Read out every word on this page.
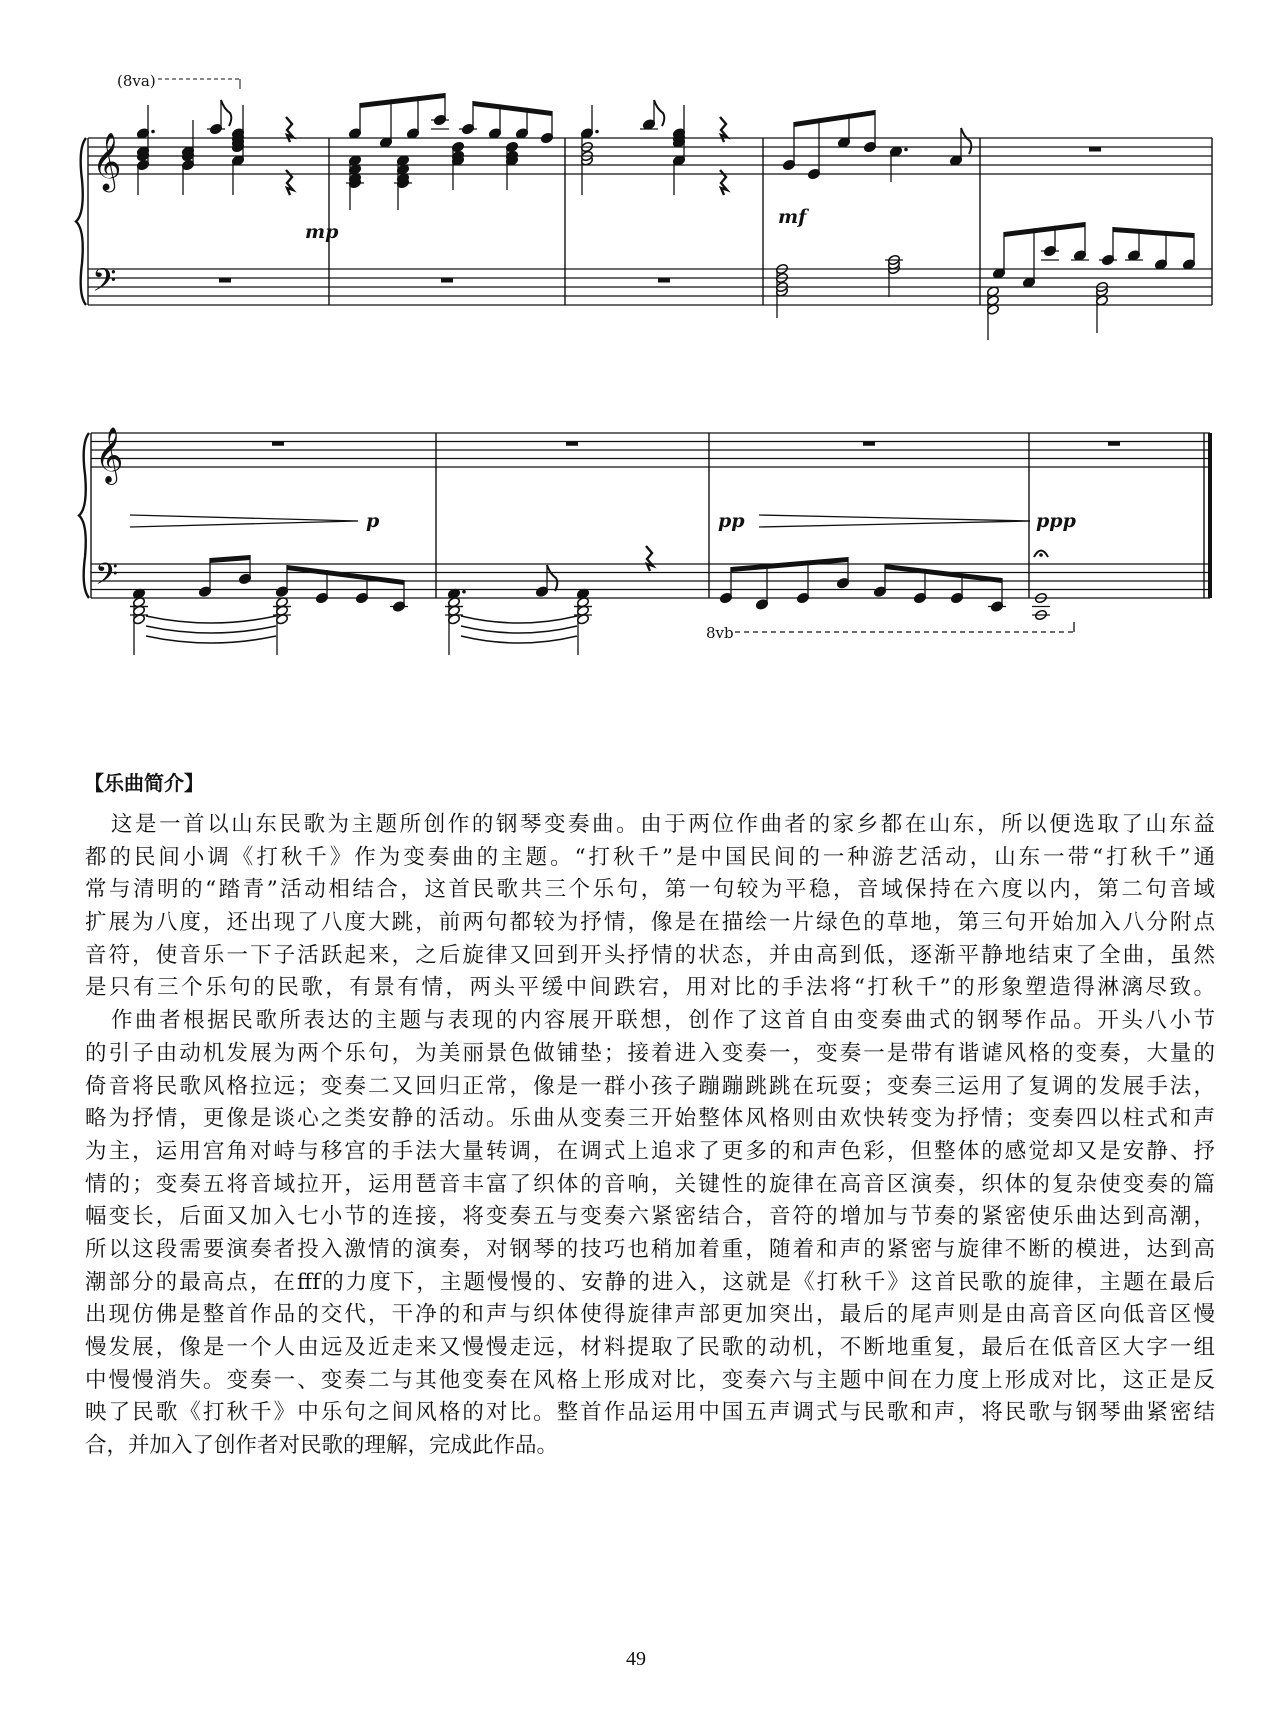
𝄢
𝄞
𝄢
𝄞
(8va)
mp
mf
p	pp	ppp
8vb
【乐曲简介】
这是一首以山东民歌为主题所创作的钢琴变奏曲。由于两位作曲者的家乡都在山东，所以便选取了山东益
都的民间小调《打秋千》作为变奏曲的主题。“打秋千”是中国民间的一种游艺活动，山东一带“打秋千”通
常与清明的“踏青”活动相结合，这首民歌共三个乐句，第一句较为平稳，音域保持在六度以内，第二句音域
扩展为八度，还出现了八度大跳，前两句都较为抒情，像是在描绘一片绿色的草地，第三句开始加入八分附点
音符，使音乐一下子活跃起来，之后旋律又回到开头抒情的状态，并由高到低，逐渐平静地结束了全曲，虽然
是只有三个乐句的民歌，有景有情，两头平缓中间跌宕，用对比的手法将“打秋千”的形象塑造得淋漓尽致。
作曲者根据民歌所表达的主题与表现的内容展开联想，创作了这首自由变奏曲式的钢琴作品。开头八小节
的引子由动机发展为两个乐句，为美丽景色做铺垫；接着进入变奏一，变奏一是带有谐谑风格的变奏，大量的
倚音将民歌风格拉远；变奏二又回归正常，像是一群小孩子蹦蹦跳跳在玩耍；变奏三运用了复调的发展手法，
略为抒情，更像是谈心之类安静的活动。乐曲从变奏三开始整体风格则由欢快转变为抒情；变奏四以柱式和声
为主，运用宫角对峙与移宫的手法大量转调，在调式上追求了更多的和声色彩，但整体的感觉却又是安静、抒
情的；变奏五将音域拉开，运用琶音丰富了织体的音响，关键性的旋律在高音区演奏，织体的复杂使变奏的篇
幅变长，后面又加入七小节的连接，将变奏五与变奏六紧密结合，音符的增加与节奏的紧密使乐曲达到高潮，
所以这段需要演奏者投入激情的演奏，对钢琴的技巧也稍加着重，随着和声的紧密与旋律不断的模进，达到高
潮部分的最高点，在fff的力度下，主题慢慢的、安静的进入，这就是《打秋千》这首民歌的旋律，主题在最后
出现仿佛是整首作品的交代，干净的和声与织体使得旋律声部更加突出，最后的尾声则是由高音区向低音区慢
慢发展，像是一个人由远及近走来又慢慢走远，材料提取了民歌的动机，不断地重复，最后在低音区大字一组
中慢慢消失。变奏一、变奏二与其他变奏在风格上形成对比，变奏六与主题中间在力度上形成对比，这正是反
映了民歌《打秋千》中乐句之间风格的对比。整首作品运用中国五声调式与民歌和声，将民歌与钢琴曲紧密结
合，并加入了创作者对民歌的理解，完成此作品。
49
